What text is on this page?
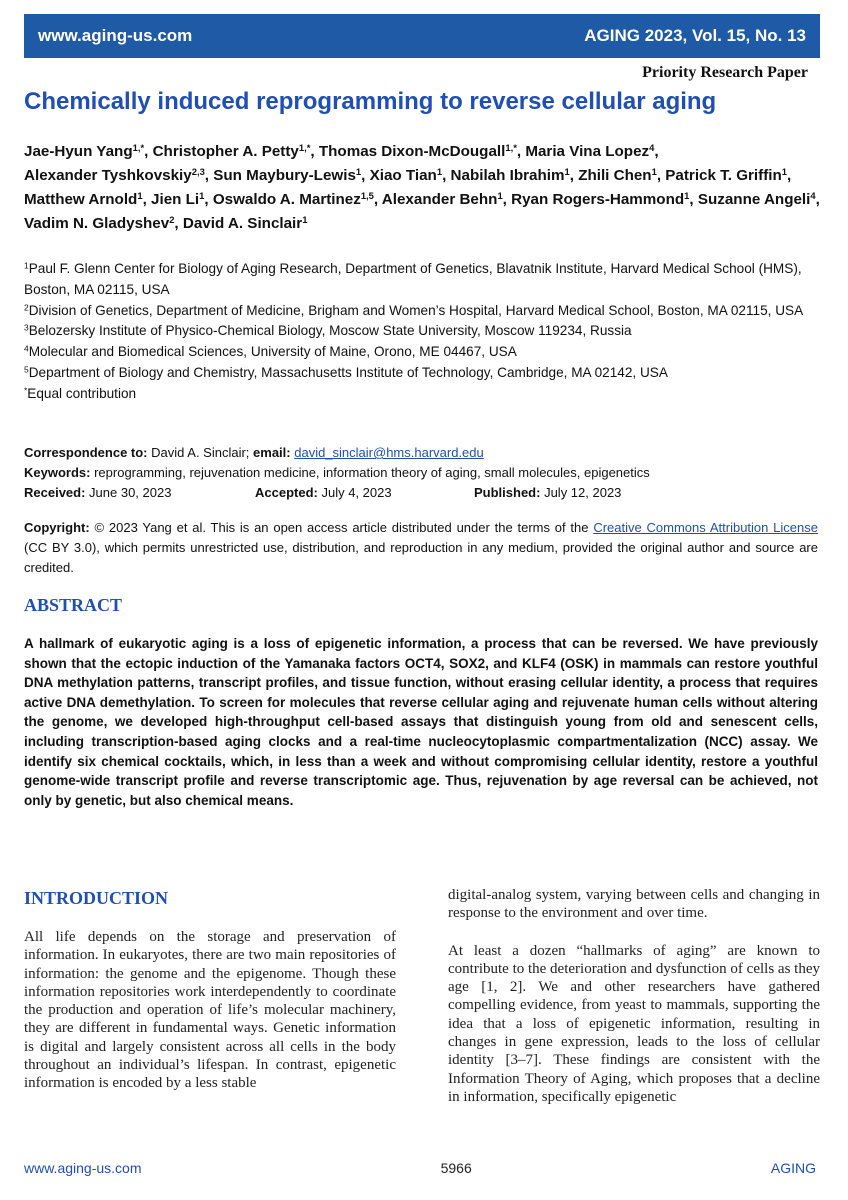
www.aging-us.com	AGING 2023, Vol. 15, No. 13
Priority Research Paper
Chemically induced reprogramming to reverse cellular aging
Jae-Hyun Yang$^{1,*}$, Christopher A. Petty$^{1,*}$, Thomas Dixon-McDougall$^{1,*}$, Maria Vina Lopez$^4$, Alexander Tyshkovskiy$^{2,3}$, Sun Maybury-Lewis$^1$, Xiao Tian$^1$, Nabilah Ibrahim$^1$, Zhili Chen$^1$, Patrick T. Griffin$^1$, Matthew Arnold$^1$, Jien Li$^1$, Oswaldo A. Martinez$^{1,5}$, Alexander Behn$^1$, Ryan Rogers-Hammond$^1$, Suzanne Angeli$^4$, Vadim N. Gladyshev$^2$, David A. Sinclair$^1$
$^1$Paul F. Glenn Center for Biology of Aging Research, Department of Genetics, Blavatnik Institute, Harvard Medical School (HMS), Boston, MA 02115, USA
$^2$Division of Genetics, Department of Medicine, Brigham and Women’s Hospital, Harvard Medical School, Boston, MA 02115, USA
$^3$Belozersky Institute of Physico-Chemical Biology, Moscow State University, Moscow 119234, Russia
$^4$Molecular and Biomedical Sciences, University of Maine, Orono, ME 04467, USA
$^5$Department of Biology and Chemistry, Massachusetts Institute of Technology, Cambridge, MA 02142, USA
*Equal contribution
Correspondence to: David A. Sinclair; email: david_sinclair@hms.harvard.edu
Keywords: reprogramming, rejuvenation medicine, information theory of aging, small molecules, epigenetics
Received: June 30, 2023	Accepted: July 4, 2023	Published: July 12, 2023
Copyright: © 2023 Yang et al. This is an open access article distributed under the terms of the Creative Commons Attribution License (CC BY 3.0), which permits unrestricted use, distribution, and reproduction in any medium, provided the original author and source are credited.
ABSTRACT
A hallmark of eukaryotic aging is a loss of epigenetic information, a process that can be reversed. We have previously shown that the ectopic induction of the Yamanaka factors OCT4, SOX2, and KLF4 (OSK) in mammals can restore youthful DNA methylation patterns, transcript profiles, and tissue function, without erasing cellular identity, a process that requires active DNA demethylation. To screen for molecules that reverse cellular aging and rejuvenate human cells without altering the genome, we developed high-throughput cell-based assays that distinguish young from old and senescent cells, including transcription-based aging clocks and a real-time nucleocytoplasmic compartmentalization (NCC) assay. We identify six chemical cocktails, which, in less than a week and without compromising cellular identity, restore a youthful genome-wide transcript profile and reverse transcriptomic age. Thus, rejuvenation by age reversal can be achieved, not only by genetic, but also chemical means.
INTRODUCTION

All life depends on the storage and preservation of information. In eukaryotes, there are two main repositories of information: the genome and the epigenome. Though these information repositories work interdependently to coordinate the production and operation of life’s molecular machinery, they are different in fundamental ways. Genetic information is digital and largely consistent across all cells in the body throughout an individual’s lifespan. In contrast, epigenetic information is encoded by a less stable

digital-analog system, varying between cells and changing in response to the environment and over time.

At least a dozen “hallmarks of aging” are known to contribute to the deterioration and dysfunction of cells as they age [1, 2]. We and other researchers have gathered compelling evidence, from yeast to mammals, supporting the idea that a loss of epigenetic information, resulting in changes in gene expression, leads to the loss of cellular identity [3–7]. These findings are consistent with the Information Theory of Aging, which proposes that a decline in information, specifically epigenetic

www.aging-us.com	5966	AGING
